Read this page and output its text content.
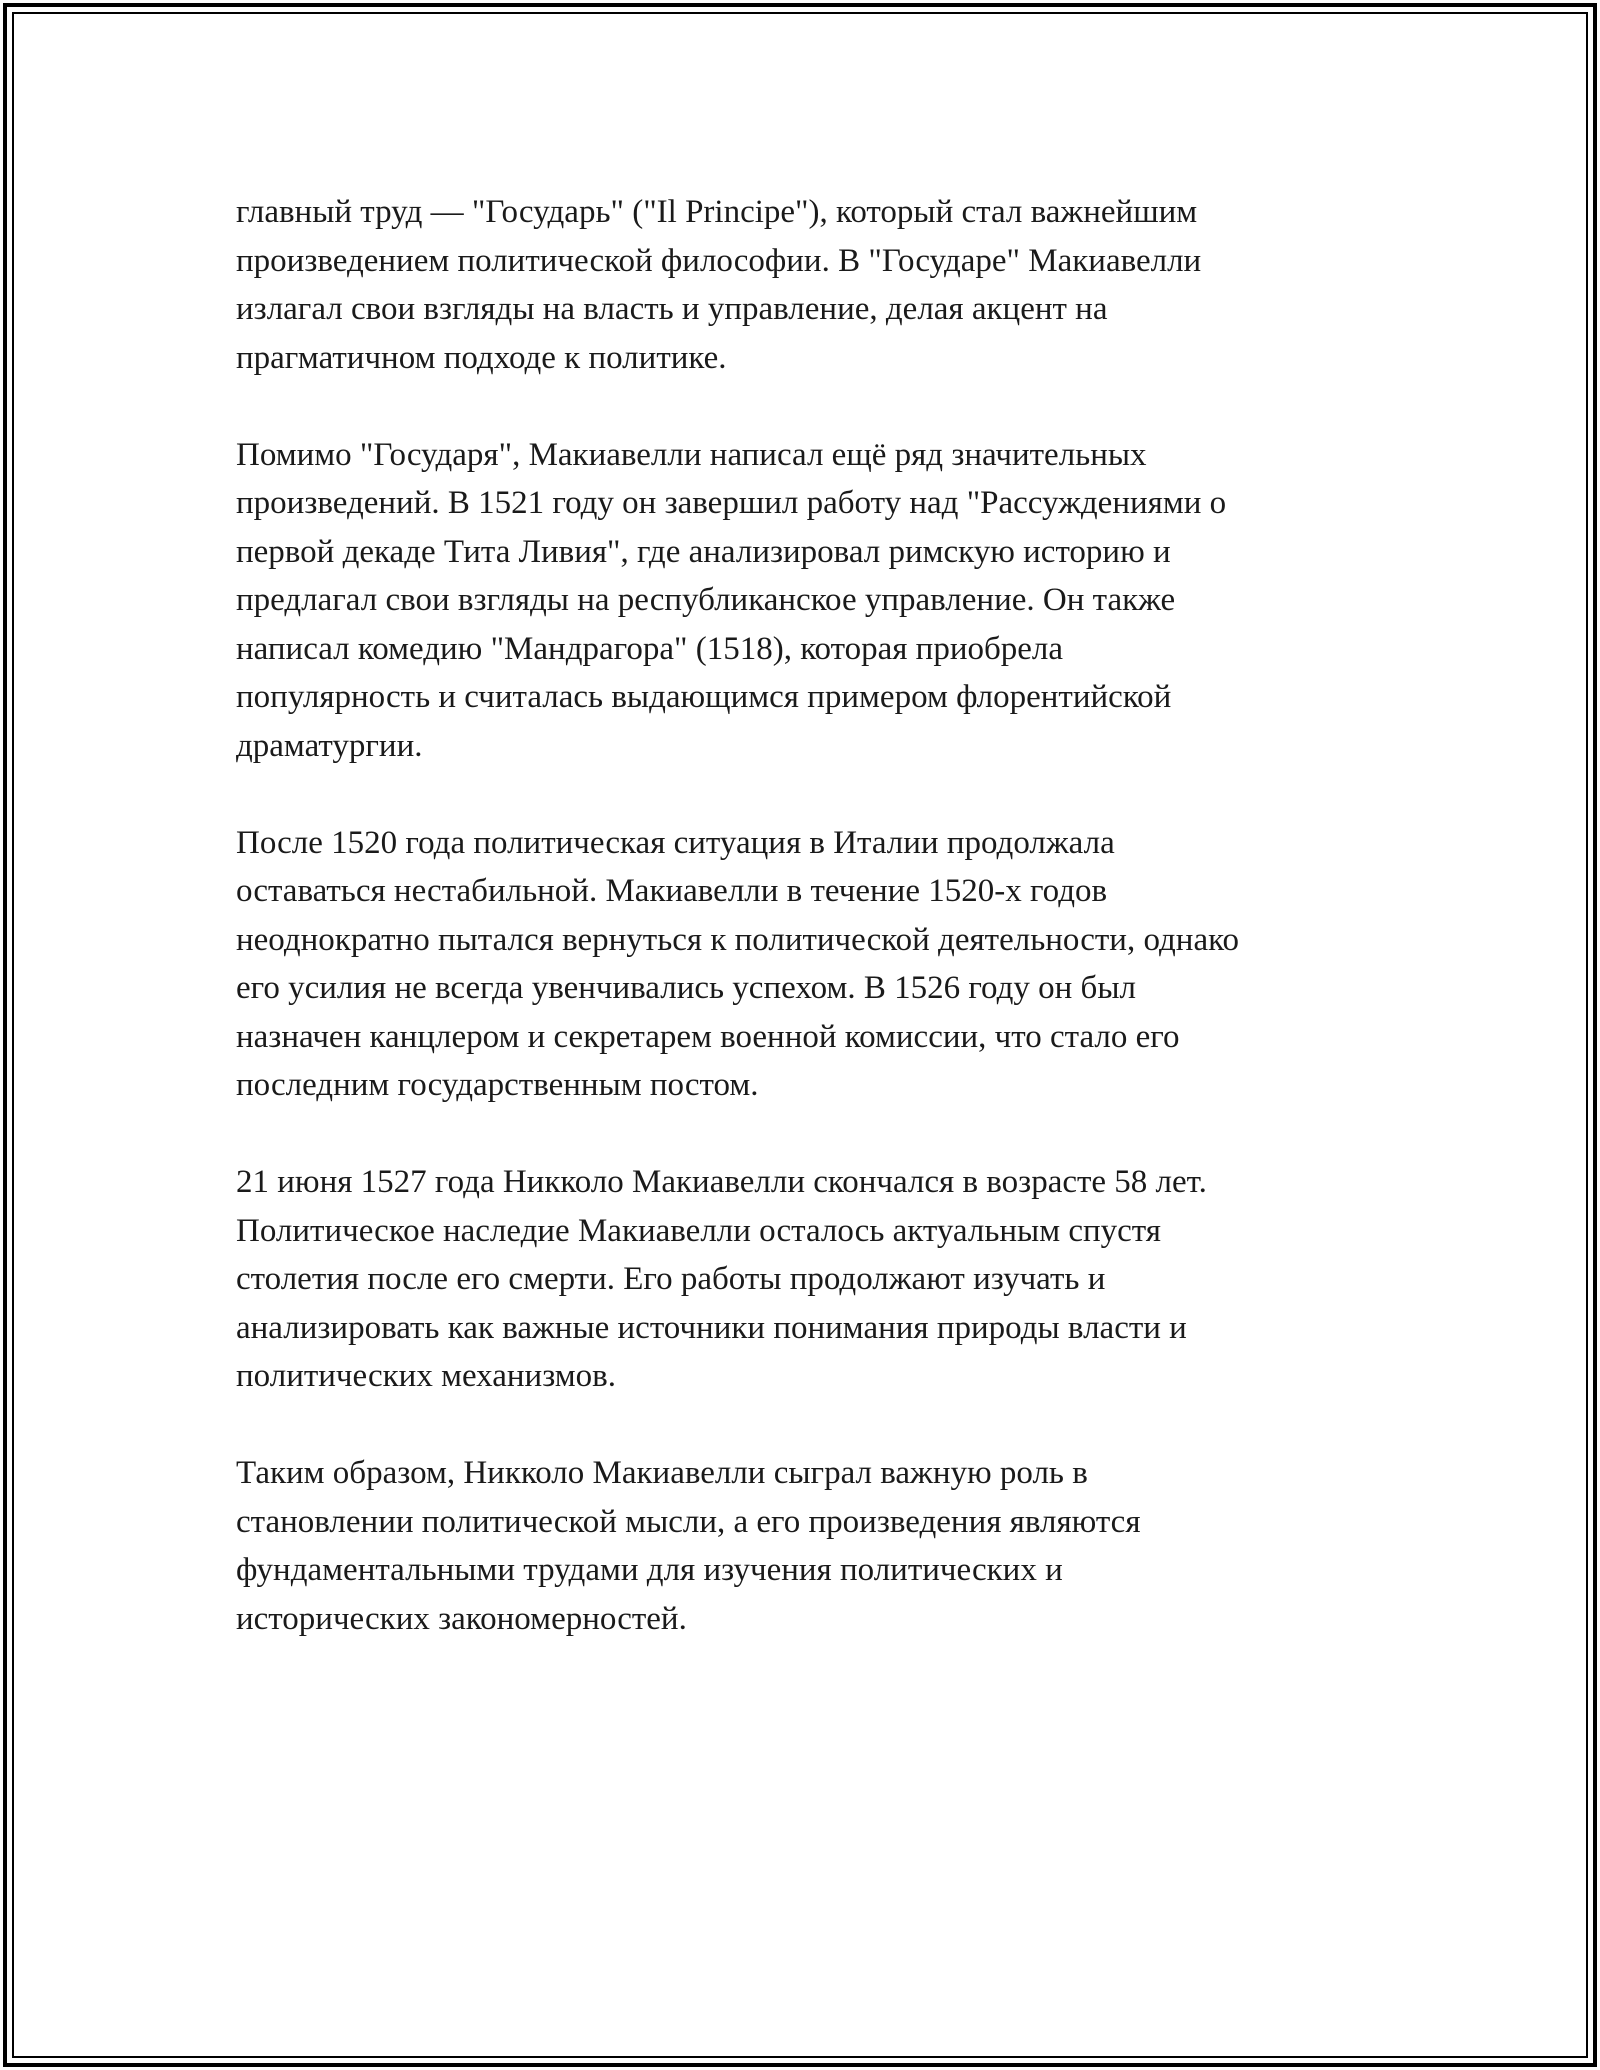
главный труд — "Государь" ("Il Principe"), который стал важнейшим
произведением политической философии. В "Государе" Макиавелли
излагал свои взгляды на власть и управление, делая акцент на
прагматичном подходе к политике.

Помимо "Государя", Макиавелли написал ещё ряд значительных
произведений. В 1521 году он завершил работу над "Рассуждениями о
первой декаде Тита Ливия", где анализировал римскую историю и
предлагал свои взгляды на республиканское управление. Он также
написал комедию "Мандрагора" (1518), которая приобрела
популярность и считалась выдающимся примером флорентийской
драматургии.

После 1520 года политическая ситуация в Италии продолжала
оставаться нестабильной. Макиавелли в течение 1520-х годов
неоднократно пытался вернуться к политической деятельности, однако
его усилия не всегда увенчивались успехом. В 1526 году он был
назначен канцлером и секретарем военной комиссии, что стало его
последним государственным постом.

21 июня 1527 года Никколо Макиавелли скончался в возрасте 58 лет.
Политическое наследие Макиавелли осталось актуальным спустя
столетия после его смерти. Его работы продолжают изучать и
анализировать как важные источники понимания природы власти и
политических механизмов.

Таким образом, Никколо Макиавелли сыграл важную роль в
становлении политической мысли, а его произведения являются
фундаментальными трудами для изучения политических и
исторических закономерностей.
